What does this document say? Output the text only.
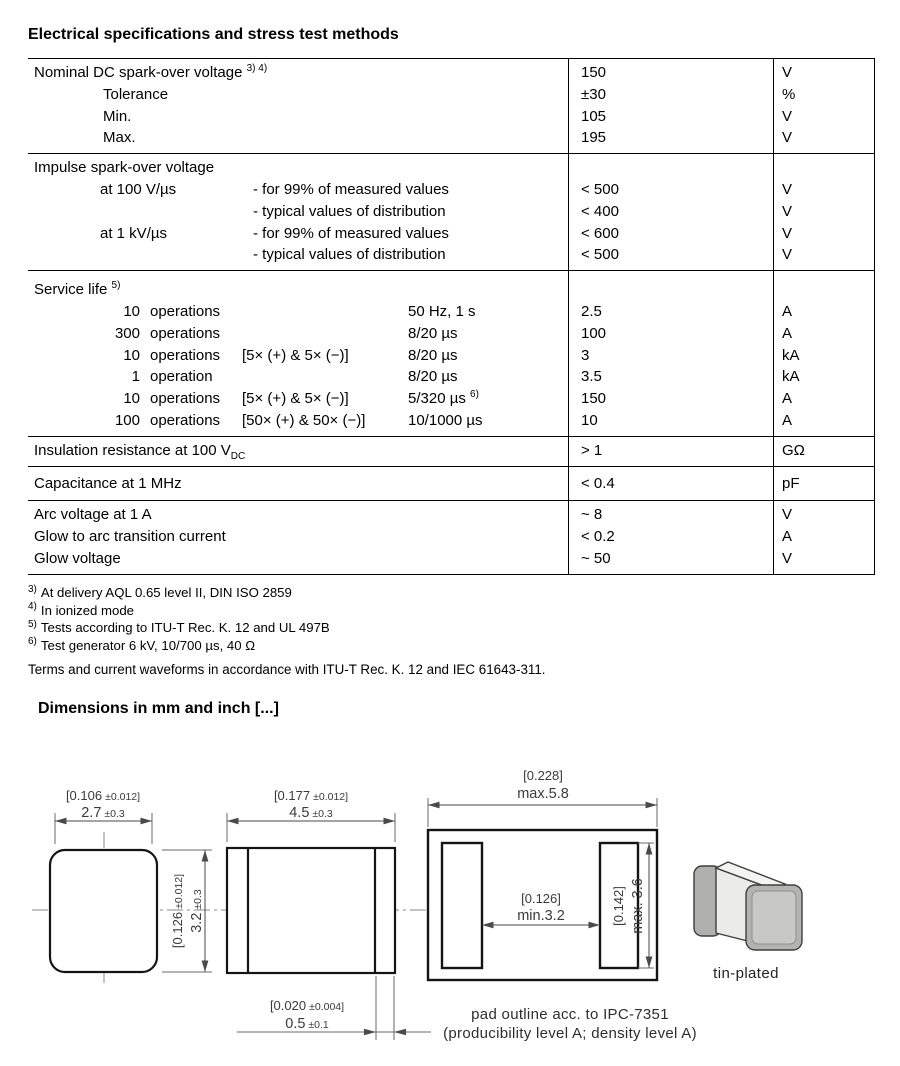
Electrical specifications and stress test methods
Nominal DC spark-over voltage $^{3) 4)}$	150	V
Tolerance	±30	%
Min.	105	V
Max.	195	V
Impulse spark-over voltage
at 100 V/µs	- for 99% of measured values	< 500	V
- typical values of distribution	< 400	V
at 1 kV/µs	- for 99% of measured values	< 600	V
- typical values of distribution	< 500	V
Service life $^{5)}$
10 operations	50 Hz, 1 s	2.5	A
300 operations	8/20 µs	100	A
10 operations [5× (+) & 5× (−)]	8/20 µs	3	kA
1 operation	8/20 µs	3.5	kA
10 operations [5× (+) & 5× (−)]	5/320 µs $^{6)}$	150	A
100 operations [50× (+) & 50× (−)]	10/1000 µs	10	A
Insulation resistance at 100 $V_{DC}$	> 1	GΩ
Capacitance at 1 MHz	< 0.4	pF
Arc voltage at 1 A	~ 8	V
Glow to arc transition current	< 0.2	A
Glow voltage	~ 50	V
$^{3)}$ At delivery AQL 0.65 level II, DIN ISO 2859
$^{4)}$ In ionized mode
$^{5)}$ Tests according to ITU-T Rec. K. 12 and UL 497B
$^{6)}$ Test generator 6 kV, 10/700 µs, 40 Ω
Terms and current waveforms in accordance with ITU-T Rec. K. 12 and IEC 61643-311.
Dimensions in mm and inch [...]
[0.106 ±0.012]
2.7 ±0.3
[0.126±0.012]
3.2±0.3
[0.177 ±0.012]
4.5 ±0.3
[0.020 ±0.004]
0.5 ±0.1
[0.228]
max.5.8
[0.126]
min.3.2	[0.142] max. 3.6
pad outline acc. to IPC-7351
(producibility level A; density level A)
tin-plated
